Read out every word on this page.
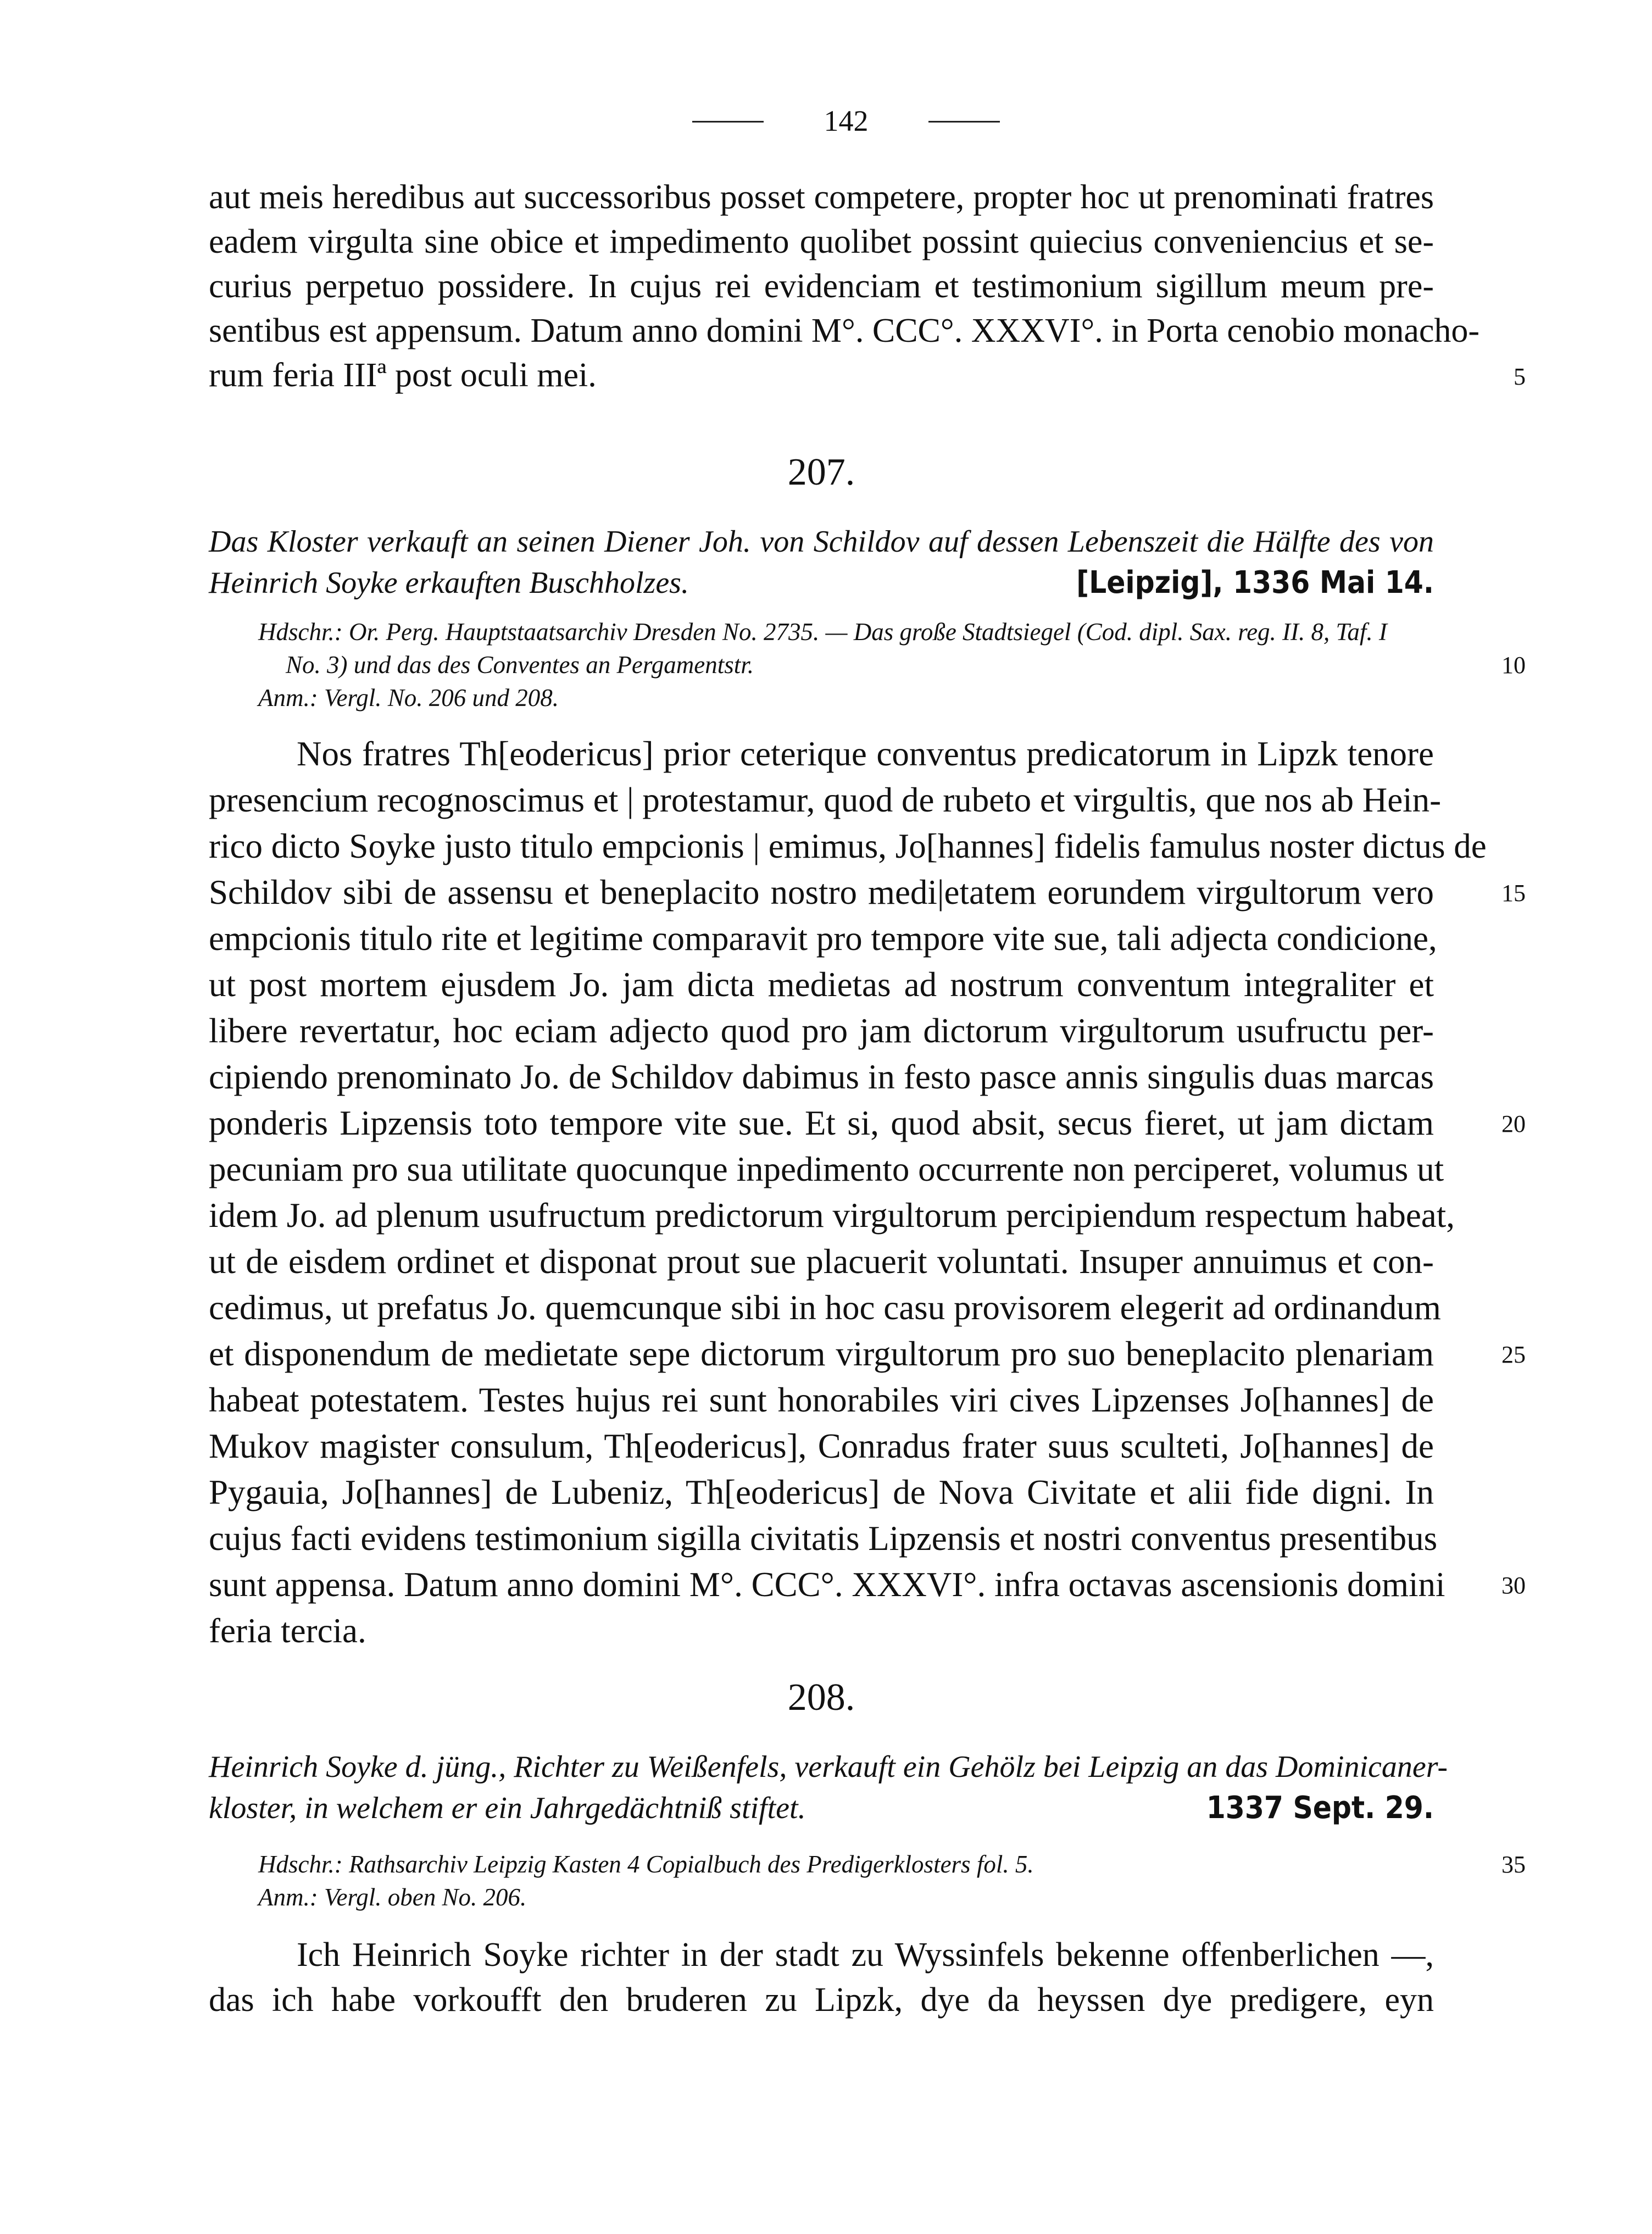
142
aut meis heredibus aut successoribus posset competere, propter hoc ut prenominati fratres
eadem virgulta sine obice et impedimento quolibet possint quiecius conveniencius et se-
curius perpetuo possidere. In cujus rei evidenciam et testimonium sigillum meum pre-
sentibus est appensum. Datum anno domini M°. CCC°. XXXVI°. in Porta cenobio monacho-
rum feria IIIª post oculi mei.	5
207.
Das Kloster verkauft an seinen Diener Joh. von Schildov auf dessen Lebenszeit die Hälfte des von
Heinrich Soyke erkauften Buschholzes.	[Leipzig], 1336 Mai 14.
Hdschr.: Or. Perg. Hauptstaatsarchiv Dresden No. 2735. — Das große Stadtsiegel (Cod. dipl. Sax. reg. II. 8, Taf. I
No. 3) und das des Conventes an Pergamentstr.	10
Anm.: Vergl. No. 206 und 208.
Nos fratres Th[eodericus] prior ceterique conventus predicatorum in Lipzk tenore
presencium recognoscimus et | protestamur, quod de rubeto et virgultis, que nos ab Hein-
rico dicto Soyke justo titulo empcionis | emimus, Jo[hannes] fidelis famulus noster dictus de
Schildov sibi de assensu et beneplacito nostro medi|etatem eorundem virgultorum vero	15
empcionis titulo rite et legitime comparavit pro tempore vite sue, tali adjecta condicione,
ut post mortem ejusdem Jo. jam dicta medietas ad nostrum conventum integraliter et
libere revertatur, hoc eciam adjecto quod pro jam dictorum virgultorum usufructu per-
cipiendo prenominato Jo. de Schildov dabimus in festo pasce annis singulis duas marcas
ponderis Lipzensis toto tempore vite sue. Et si, quod absit, secus fieret, ut jam dictam	20
pecuniam pro sua utilitate quocunque inpedimento occurrente non perciperet, volumus ut
idem Jo. ad plenum usufructum predictorum virgultorum percipiendum respectum habeat,
ut de eisdem ordinet et disponat prout sue placuerit voluntati. Insuper annuimus et con-
cedimus, ut prefatus Jo. quemcunque sibi in hoc casu provisorem elegerit ad ordinandum
et disponendum de medietate sepe dictorum virgultorum pro suo beneplacito plenariam	25
habeat potestatem. Testes hujus rei sunt honorabiles viri cives Lipzenses Jo[hannes] de
Mukov magister consulum, Th[eodericus], Conradus frater suus sculteti, Jo[hannes] de
Pygauia, Jo[hannes] de Lubeniz, Th[eodericus] de Nova Civitate et alii fide digni. In
cujus facti evidens testimonium sigilla civitatis Lipzensis et nostri conventus presentibus
sunt appensa. Datum anno domini M°. CCC°. XXXVI°. infra octavas ascensionis domini	30
feria tercia.
208.
Heinrich Soyke d. jüng., Richter zu Weißenfels, verkauft ein Gehölz bei Leipzig an das Dominicaner-
kloster, in welchem er ein Jahrgedächtniß stiftet.	1337 Sept. 29.
Hdschr.: Rathsarchiv Leipzig Kasten 4 Copialbuch des Predigerklosters fol. 5.	35
Anm.: Vergl. oben No. 206.
Ich Heinrich Soyke richter in der stadt zu Wyssinfels bekenne offenberlichen —,
das ich habe vorkoufft den bruderen zu Lipzk, dye da heyssen dye predigere, eyn
